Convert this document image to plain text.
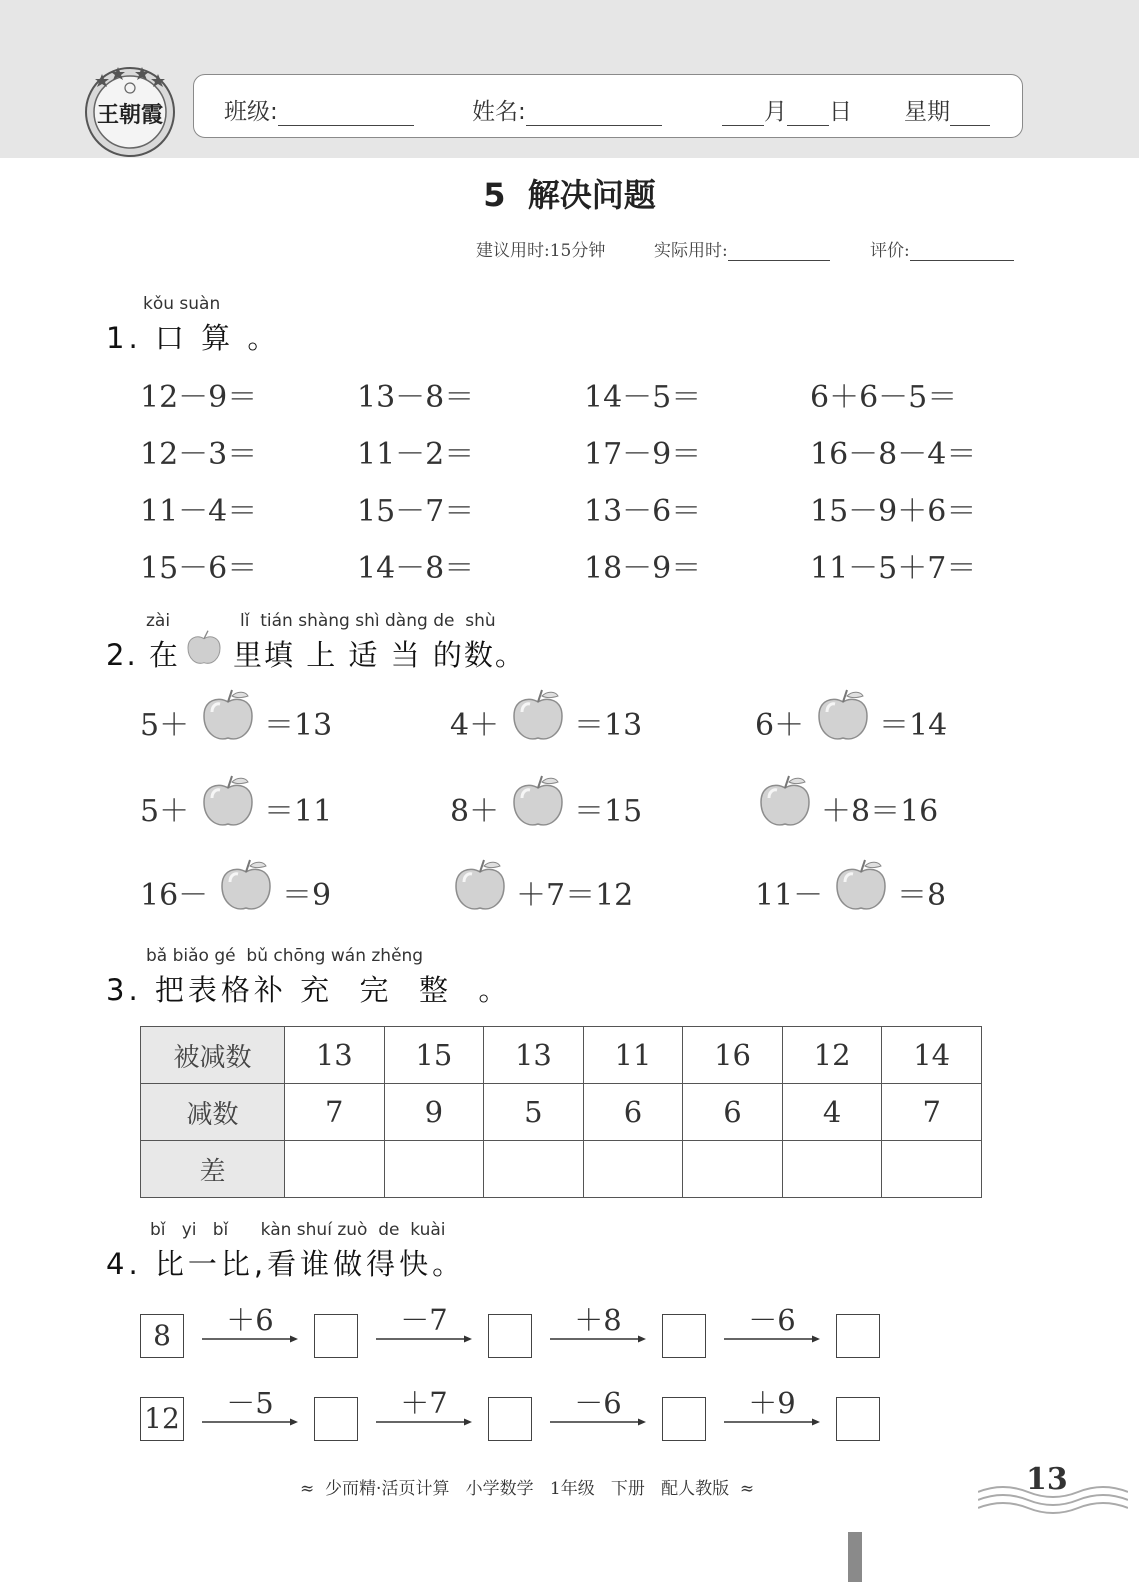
王朝霞	班级:	姓名:	月 日 星期
5  解决问题
建议用时:15分钟	实际用时:	评价:
kǒu suàn
1. 口 算 。
12－9＝	13－8＝	14－5＝	6＋6－5＝
12－3＝	11－2＝	17－9＝	16－8－4＝
11－4＝	15－7＝	13－6＝	15－9＋6＝
15－6＝	14－8＝	18－9＝	11－5＋7＝
zài	lǐ  tián shàng shì dàng de  shù
2. 在 里填 上 适 当 的数。
5＋ ＝13	4＋ ＝13	6＋ ＝14
5＋ ＝11	8＋ ＝15	＋8＝16
16－ ＝9	＋7＝12	11－ ＝8
bǎ biǎo gé  bǔ chōng wán zhěng
3. 把表格补 充  完  整  。
被减数	13	15	13	11	16	12	14
减数	7	9	5	6	6	4	7
差							
bǐ   yi   bǐ      kàn shuí zuò  de  kuài
4. 比一比,看谁做得快。
8	＋6	－7	＋8	－6
12	－5	＋7	－6	＋9
≈  少而精·活页计算   小学数学   1年级   下册   配人教版  ≈	13
